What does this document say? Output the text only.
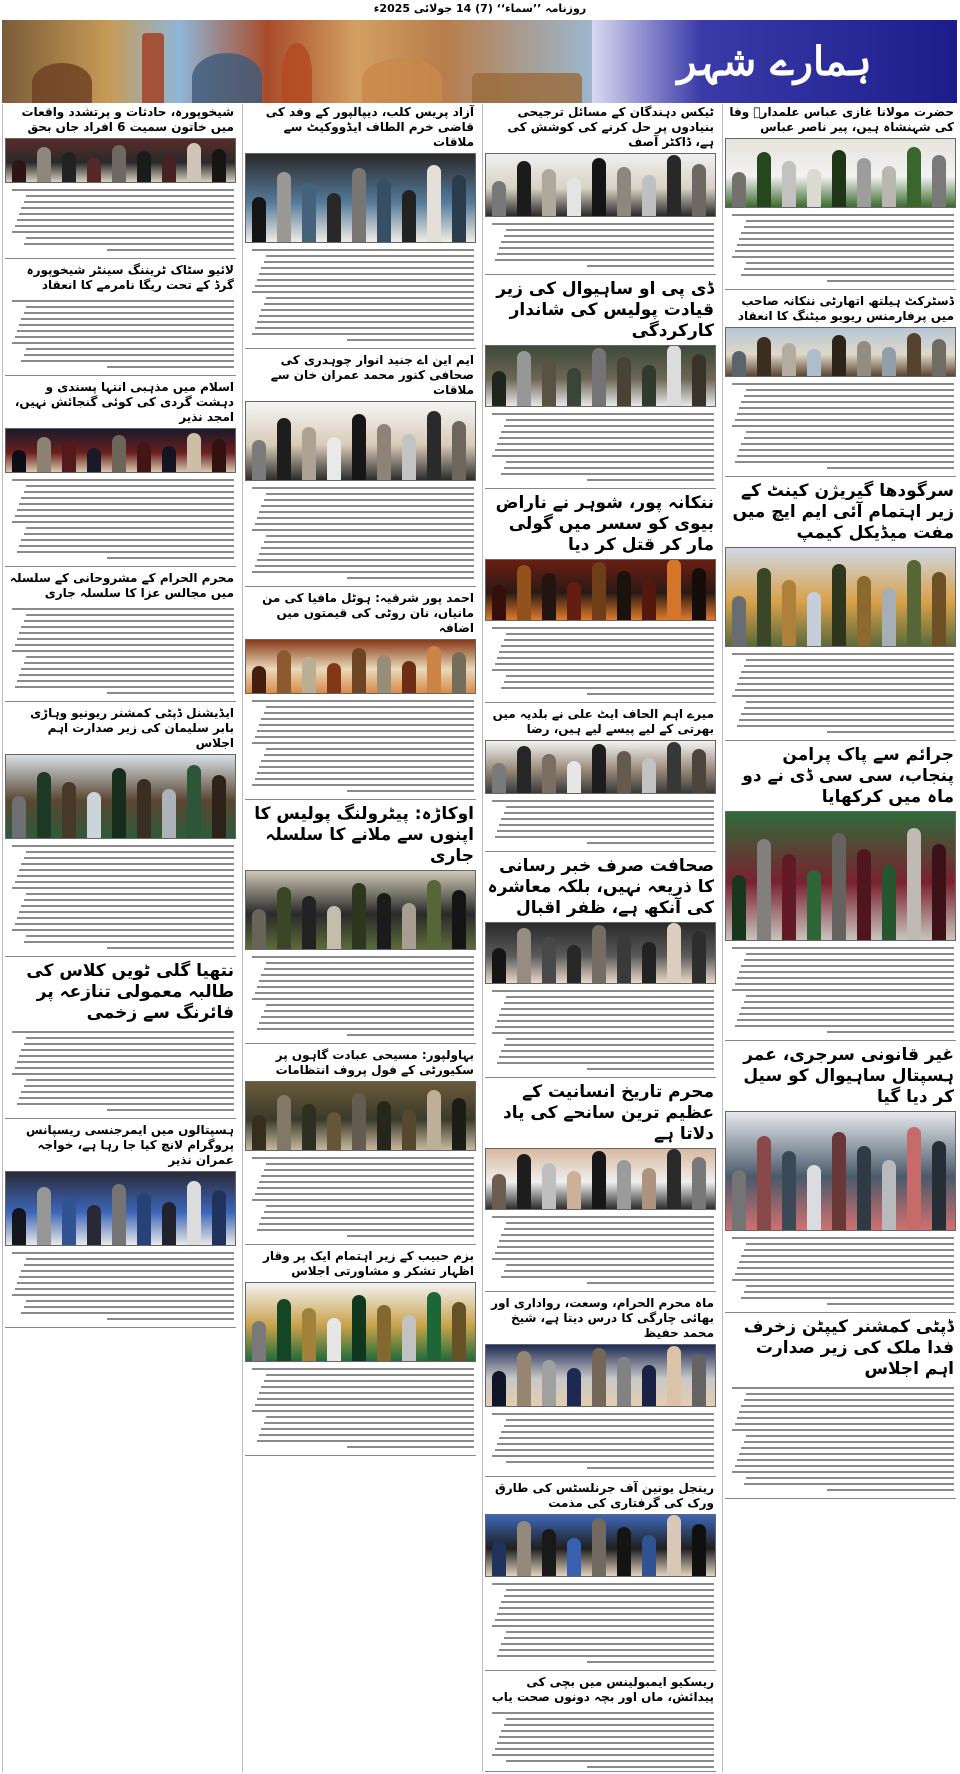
روزنامہ ’’سماء‘‘ (7) 14 جولائی 2025ء
ہمارے شہر
حضرت مولانا غازی عباس علمدارؑ وفا کی شہنشاہ ہیں، پیر ناصر عباس
ڈسٹرکٹ ہیلتھ اتھارٹی ننکانہ صاحب میں پرفارمنس ریویو میٹنگ کا انعقاد
سرگودھا گیریژن کینٹ کے زیر اہتمام آئی ایم ایچ میں مفت میڈیکل کیمپ
جرائم سے پاک پرامن پنجاب، سی سی ڈی نے دو ماہ میں کرکھایا
غیر قانونی سرجری، عمر ہسپتال ساہیوال کو سیل کر دیا گیا
ڈپٹی کمشنر کیپٹن زخرف فدا ملک کی زیر صدارت اہم اجلاس
ٹیکس دہندگان کے مسائل ترجیحی بنیادوں پر حل کرنے کی کوشش کی ہے، ڈاکٹر آصف
ڈی پی او ساہیوال کی زیر قیادت پولیس کی شاندار کارکردگی
ننکانہ پور، شوہر نے ناراض بیوی کو سسر میں گولی مار کر قتل کر دیا
میرے اہم الحاف ایٹ علی نے بلدیہ میں بھرتی کے لیے پیسے لیے ہیں، رضا
صحافت صرف خبر رسانی کا ذریعہ نہیں، بلکہ معاشرہ کی آنکھ ہے، ظفر اقبال
محرم تاریخ انسانیت کے عظیم ترین سانحے کی یاد دلاتا ہے
ماہ محرم الحرام، وسعت، رواداری اور بھائی چارگی کا درس دیتا ہے، شیخ محمد حفیظ
رینجل یونین آف جرنلسٹس کی طارق ورک کی گرفتاری کی مذمت
ریسکیو ایمبولینس میں بچی کی پیدائش، ماں اور بچہ دونوں صحت یاب
آزاد پریس کلب، دیپالپور کے وفد کی قاضی خرم الطاف ایڈووکیٹ سے ملاقات
ایم این اے جنید انوار چوہدری کی صحافی کنور محمد عمران خان سے ملاقات
احمد پور شرقیہ: ہوٹل مافیا کی من مانیاں، نان روٹی کی قیمتوں میں اضافہ
اوکاڑہ: پیٹرولنگ پولیس کا اپنوں سے ملانے کا سلسلہ جاری
بہاولپور: مسیحی عبادت گاہوں پر سکیورٹی کے فول پروف انتظامات
بزم حبیب کے زیر اہتمام ایک پر وقار اظہار تشکر و مشاورتی اجلاس
شیخوپورہ، حادثات و پرتشدد واقعات میں خاتون سمیت 6 افراد جاں بحق
لائیو سٹاک ٹریننگ سینٹر شیخوپورہ گرڈ کے تحت ریگا نامرمے کا انعقاد
اسلام میں مذہبی انتہا پسندی و دہشت گردی کی کوئی گنجائش نہیں، امجد نذیر
محرم الحرام کے مشروحانی کے سلسلہ میں مجالس عزا کا سلسلہ جاری
ایڈیشنل ڈپٹی کمشنر ریونیو وہاڑی بابر سلیمان کی زیر صدارت اہم اجلاس
نتھیا گلی ٹویں کلاس کی طالبہ معمولی تنازعہ پر فائرنگ سے زخمی
ہسپتالوں میں ایمرجنسی ریسپانس پروگرام لانچ کیا جا رہا ہے، خواجہ عمران نذیر
